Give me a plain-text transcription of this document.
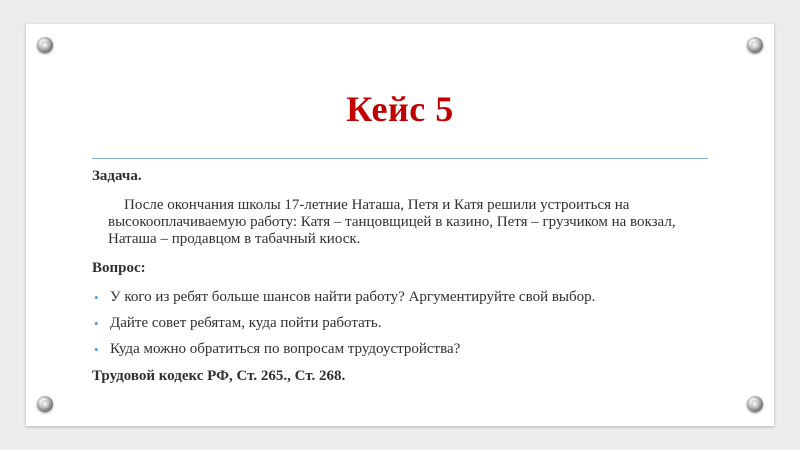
Кейс 5
Задача.
После окончания школы 17-летние Наташа, Петя и Катя решили устроиться на высокооплачиваемую работу: Катя – танцовщицей в казино, Петя – грузчиком на вокзал, Наташа – продавцом в табачный киоск.
Вопрос:
• У кого из ребят больше шансов найти работу? Аргументируйте свой выбор.
• Дайте совет ребятам, куда пойти работать.
• Куда можно обратиться по вопросам трудоустройства?
Трудовой кодекс РФ, Ст. 265., Ст. 268.
